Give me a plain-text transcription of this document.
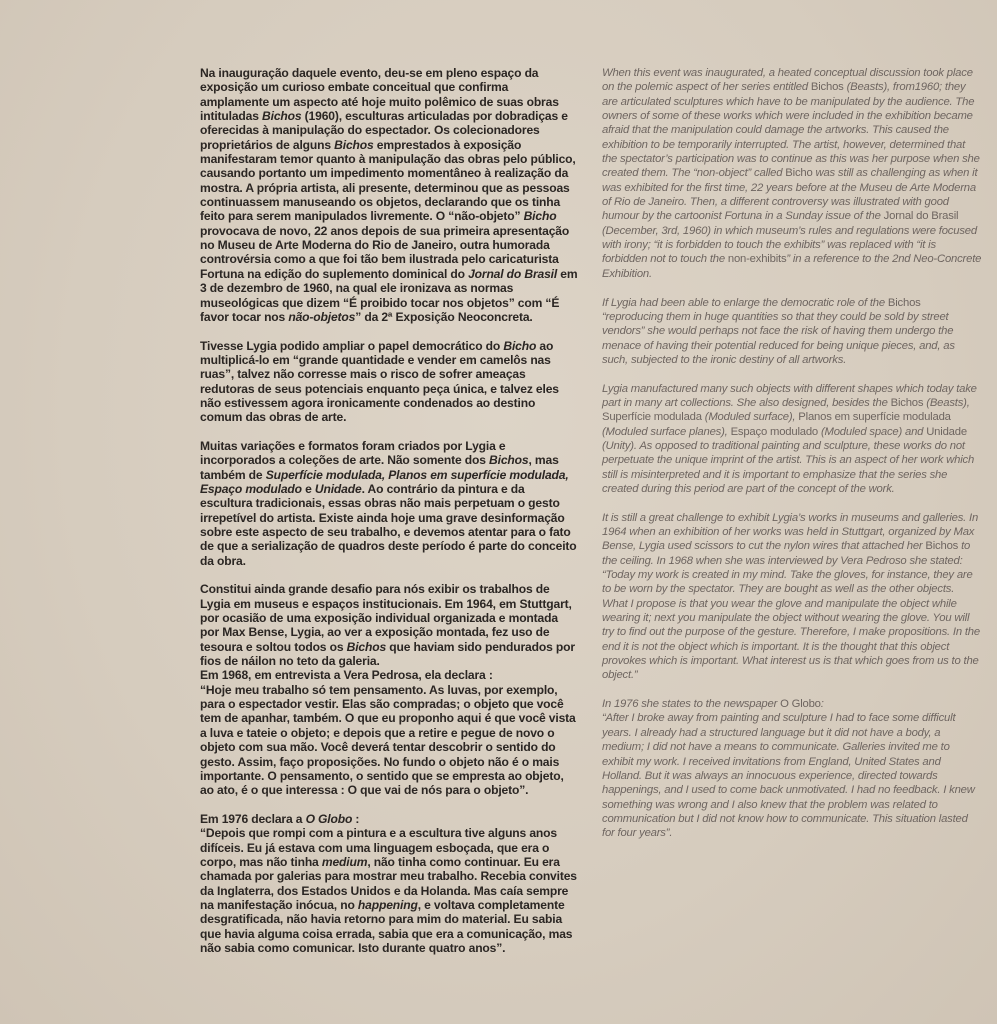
Na inauguração daquele evento, deu-se em pleno espaço da exposição um curioso embate conceitual que confirma amplamente um aspecto até hoje muito polêmico de suas obras intituladas Bichos (1960), esculturas articuladas por dobradiças e oferecidas à manipulação do espectador. Os colecionadores proprietários de alguns Bichos emprestados à exposição manifestaram temor quanto à manipulação das obras pelo público, causando portanto um impedimento momentâneo à realização da mostra. A própria artista, ali presente, determinou que as pessoas continuassem manuseando os objetos, declarando que os tinha feito para serem manipulados livremente. O “não-objeto” Bicho provocava de novo, 22 anos depois de sua primeira apresentação no Museu de Arte Moderna do Rio de Janeiro, outra humorada controvérsia como a que foi tão bem ilustrada pelo caricaturista Fortuna na edição do suplemento dominical do Jornal do Brasil em 3 de dezembro de 1960, na qual ele ironizava as normas museológicas que dizem “É proibido tocar nos objetos” com “É favor tocar nos não-objetos” da 2ª Exposição Neoconcreta.

Tivesse Lygia podido ampliar o papel democrático do Bicho ao multiplicá-lo em “grande quantidade e vender em camelôs nas ruas”, talvez não corresse mais o risco de sofrer ameaças redutoras de seus potenciais enquanto peça única, e talvez eles não estivessem agora ironicamente condenados ao destino comum das obras de arte.

Muitas variações e formatos foram criados por Lygia e incorporados a coleções de arte. Não somente dos Bichos, mas também de Superfície modulada, Planos em superfície modulada, Espaço modulado e Unidade. Ao contrário da pintura e da escultura tradicionais, essas obras não mais perpetuam o gesto irrepetível do artista. Existe ainda hoje uma grave desinformação sobre este aspecto de seu trabalho, e devemos atentar para o fato de que a serialização de quadros deste período é parte do conceito da obra.

Constitui ainda grande desafio para nós exibir os trabalhos de Lygia em museus e espaços institucionais. Em 1964, em Stuttgart, por ocasião de uma exposição individual organizada e montada por Max Bense, Lygia, ao ver a exposição montada, fez uso de tesoura e soltou todos os Bichos que haviam sido pendurados por fios de náilon no teto da galeria.

Em 1968, em entrevista a Vera Pedrosa, ela declara :

“Hoje meu trabalho só tem pensamento. As luvas, por exemplo, para o espectador vestir. Elas são compradas; o objeto que você tem de apanhar, também. O que eu proponho aqui é que você vista a luva e tateie o objeto; e depois que a retire e pegue de novo o objeto com sua mão. Você deverá tentar descobrir o sentido do gesto. Assim, faço proposições. No fundo o objeto não é o mais importante. O pensamento, o sentido que se empresta ao objeto, ao ato, é o que interessa : O que vai de nós para o objeto”.

Em 1976 declara a O Globo :

“Depois que rompi com a pintura e a escultura tive alguns anos difíceis. Eu já estava com uma linguagem esboçada, que era o corpo, mas não tinha medium, não tinha como continuar. Eu era chamada por galerias para mostrar meu trabalho. Recebia convites da Inglaterra, dos Estados Unidos e da Holanda. Mas caía sempre na manifestação inócua, no happening, e voltava completamente desgratificada, não havia retorno para mim do material. Eu sabia que havia alguma coisa errada, sabia que era a comunicação, mas não sabia como comunicar. Isto durante quatro anos”.

When this event was inaugurated, a heated conceptual discussion took place on the polemic aspect of her series entitled Bichos (Beasts), from1960; they are articulated sculptures which have to be manipulated by the audience. The owners of some of these works which were included in the exhibition became afraid that the manipulation could damage the artworks. This caused the exhibition to be temporarily interrupted. The artist, however, determined that the spectator’s participation was to continue as this was her purpose when she created them. The “non-object” called Bicho was still as challenging as when it was exhibited for the first time, 22 years before at the Museu de Arte Moderna of Rio de Janeiro. Then, a different controversy was illustrated with good humour by the cartoonist Fortuna in a Sunday issue of the Jornal do Brasil (December, 3rd, 1960) in which museum’s rules and regulations were focused with irony; “it is forbidden to touch the exhibits” was replaced with “it is forbidden not to touch the non-exhibits” in a reference to the 2nd Neo-Concrete Exhibition.

If Lygia had been able to enlarge the democratic role of the Bichos “reproducing them in huge quantities so that they could be sold by street vendors” she would perhaps not face the risk of having them undergo the menace of having their potential reduced for being unique pieces, and, as such, subjected to the ironic destiny of all artworks.

Lygia manufactured many such objects with different shapes which today take part in many art collections. She also designed, besides the Bichos (Beasts), Superfície modulada (Moduled surface), Planos em superfície modulada (Moduled surface planes), Espaço modulado (Moduled space) and Unidade (Unity). As opposed to traditional painting and sculpture, these works do not perpetuate the unique imprint of the artist. This is an aspect of her work which still is misinterpreted and it is important to emphasize that the series she created during this period are part of the concept of the work.

It is still a great challenge to exhibit Lygia’s works in museums and galleries. In 1964 when an exhibition of her works was held in Stuttgart, organized by Max Bense, Lygia used scissors to cut the nylon wires that attached her Bichos to the ceiling. In 1968 when she was interviewed by Vera Pedroso she stated:

“Today my work is created in my mind. Take the gloves, for instance, they are to be worn by the spectator. They are bought as well as the other objects. What I propose is that you wear the glove and manipulate the object while wearing it; next you manipulate the object without wearing the glove. You will try to find out the purpose of the gesture. Therefore, I make propositions. In the end it is not the object which is important. It is the thought that this object provokes which is important. What interest us is that which goes from us to the object.”

In 1976 she states to the newspaper O Globo:

“After I broke away from painting and sculpture I had to face some difficult years. I already had a structured language but it did not have a body, a medium; I did not have a means to communicate. Galleries invited me to exhibit my work. I received invitations from England, United States and Holland. But it was always an innocuous experience, directed towards happenings, and I used to come back unmotivated. I had no feedback. I knew something was wrong and I also knew that the problem was related to communication but I did not know how to communicate. This situation lasted for four years”.
